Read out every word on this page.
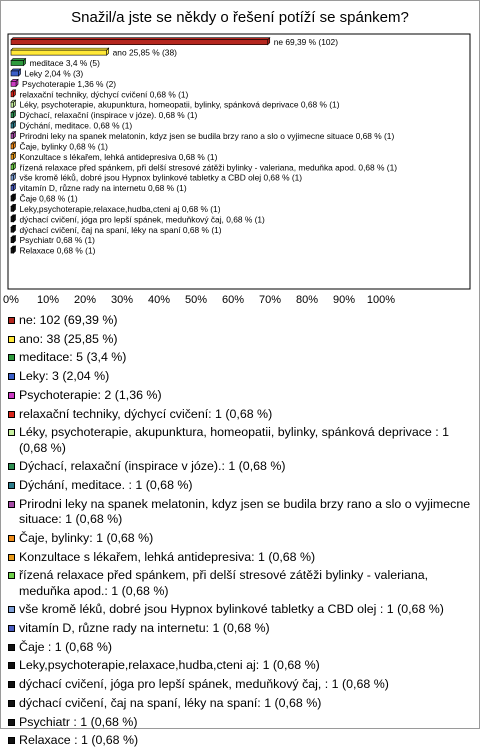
Snažil/a jste se někdy o řešení potíží se spánkem?
ne 69,39 % (102)
ano 25,85 % (38)
meditace 3,4 % (5)
Leky 2,04 % (3)
Psychoterapie 1,36 % (2)
relaxační techniky, dýchycí cvičení 0,68 % (1)
Léky, psychoterapie, akupunktura, homeopatii, bylinky, spánková deprivace 0,68 % (1)
Dýchací, relaxační (inspirace v józe). 0,68 % (1)
Dýchání, meditace. 0,68 % (1)
Prirodni leky na spanek melatonin, kdyz jsen se budila brzy rano a slo o vyjimecne situace 0,68 % (1)
Čaje, bylinky 0,68 % (1)
Konzultace s lékařem, lehká antidepresiva 0,68 % (1)
řízená relaxace před spánkem, při delší stresové zátěži bylinky - valeriana, meduňka apod. 0,68 % (1)
vše kromě léků, dobré jsou Hypnox bylinkové tabletky a CBD olej 0,68 % (1)
vitamín D, různe rady na internetu 0,68 % (1)
Čaje 0,68 % (1)
Leky,psychoterapie,relaxace,hudba,cteni aj 0,68 % (1)
dýchací cvičení, jóga pro lepší spánek, meduňkový čaj, 0,68 % (1)
dýchací cvičení, čaj na spaní, léky na spaní 0,68 % (1)
Psychiatr 0,68 % (1)
Relaxace 0,68 % (1)
0% 10% 20% 30% 40% 50% 60% 70% 80% 90% 100%
ne: 102 (69,39 %)
ano: 38 (25,85 %)
meditace: 5 (3,4 %)
Leky: 3 (2,04 %)
Psychoterapie: 2 (1,36 %)
relaxační techniky, dýchycí cvičení: 1 (0,68 %)
Léky, psychoterapie, akupunktura, homeopatii, bylinky, spánková deprivace : 1 (0,68 %)
Dýchací, relaxační (inspirace v józe).: 1 (0,68 %)
Dýchání, meditace. : 1 (0,68 %)
Prirodni leky na spanek melatonin, kdyz jsen se budila brzy rano a slo o vyjimecne situace: 1 (0,68 %)
Čaje, bylinky: 1 (0,68 %)
Konzultace s lékařem, lehká antidepresiva: 1 (0,68 %)
řízená relaxace před spánkem, při delší stresové zátěži bylinky - valeriana, meduňka apod.: 1 (0,68 %)
vše kromě léků, dobré jsou Hypnox bylinkové tabletky a CBD olej : 1 (0,68 %)
vitamín D, různe rady na internetu: 1 (0,68 %)
Čaje : 1 (0,68 %)
Leky,psychoterapie,relaxace,hudba,cteni aj: 1 (0,68 %)
dýchací cvičení, jóga pro lepší spánek, meduňkový čaj, : 1 (0,68 %)
dýchací cvičení, čaj na spaní, léky na spaní: 1 (0,68 %)
Psychiatr : 1 (0,68 %)
Relaxace : 1 (0,68 %)
